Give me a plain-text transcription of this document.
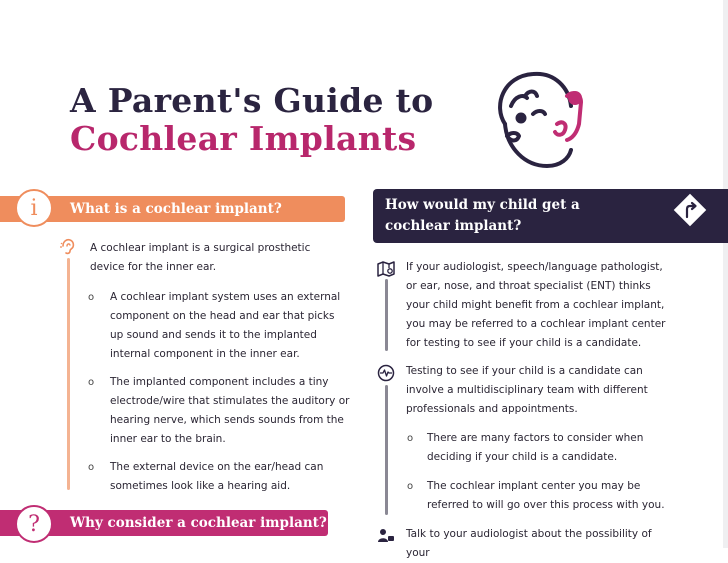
A Parent's Guide to
Cochlear Implants
What is a cochlear implant?
i

A cochlear implant is a surgical prosthetic device for the inner ear.

o A cochlear implant system uses an external component on the head and ear that picks up sound and sends it to the implanted internal component in the inner ear.
o The implanted component includes a tiny electrode/wire that stimulates the auditory or hearing nerve, which sends sounds from the inner ear to the brain.
o The external device on the ear/head can sometimes look like a hearing aid.
Why consider a cochlear implant?
?
How would my child get a cochlear implant?

If your audiologist, speech/language pathologist, or ear, nose, and throat specialist (ENT) thinks your child might benefit from a cochlear implant, you may be referred to a cochlear implant center for testing to see if your child is a candidate.

Testing to see if your child is a candidate can involve a multidisciplinary team with different professionals and appointments.

o There are many factors to consider when deciding if your child is a candidate.
o The cochlear implant center you may be referred to will go over this process with you.

Talk to your audiologist about the possibility of your
